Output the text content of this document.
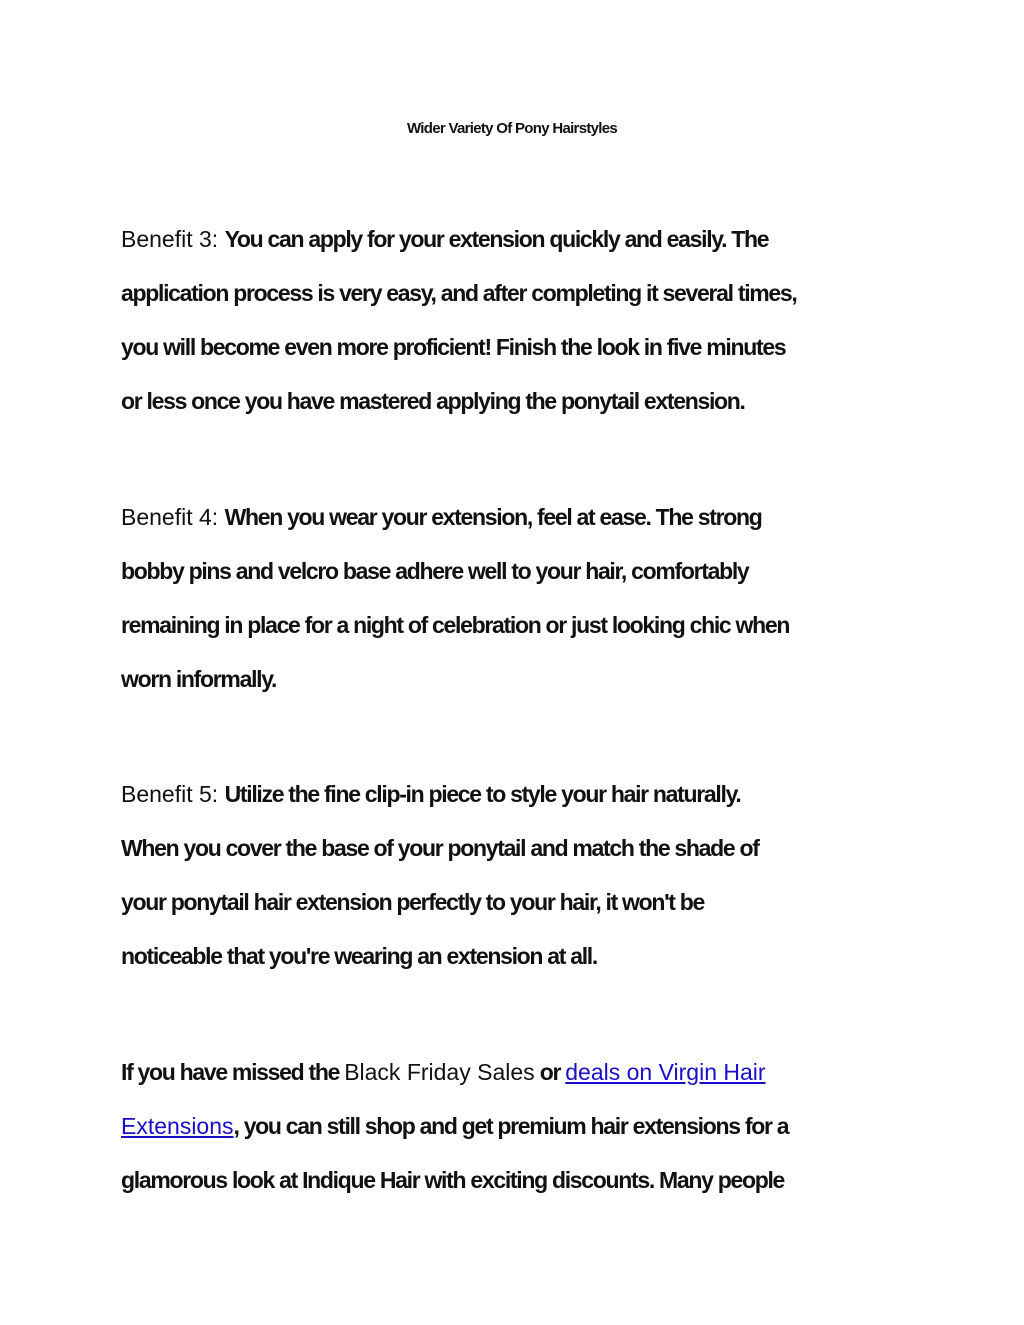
Wider Variety Of Pony Hairstyles
Benefit 3: You can apply for your extension quickly and easily. The
application process is very easy, and after completing it several times,
you will become even more proficient! Finish the look in five minutes
or less once you have mastered applying the ponytail extension.
Benefit 4: When you wear your extension, feel at ease. The strong
bobby pins and velcro base adhere well to your hair, comfortably
remaining in place for a night of celebration or just looking chic when
worn informally.
Benefit 5: Utilize the fine clip-in piece to style your hair naturally.
When you cover the base of your ponytail and match the shade of
your ponytail hair extension perfectly to your hair, it won't be
noticeable that you're wearing an extension at all.
If you have missed the Black Friday Sales or deals on Virgin Hair
Extensions, you can still shop and get premium hair extensions for a
glamorous look at Indique Hair with exciting discounts. Many people
